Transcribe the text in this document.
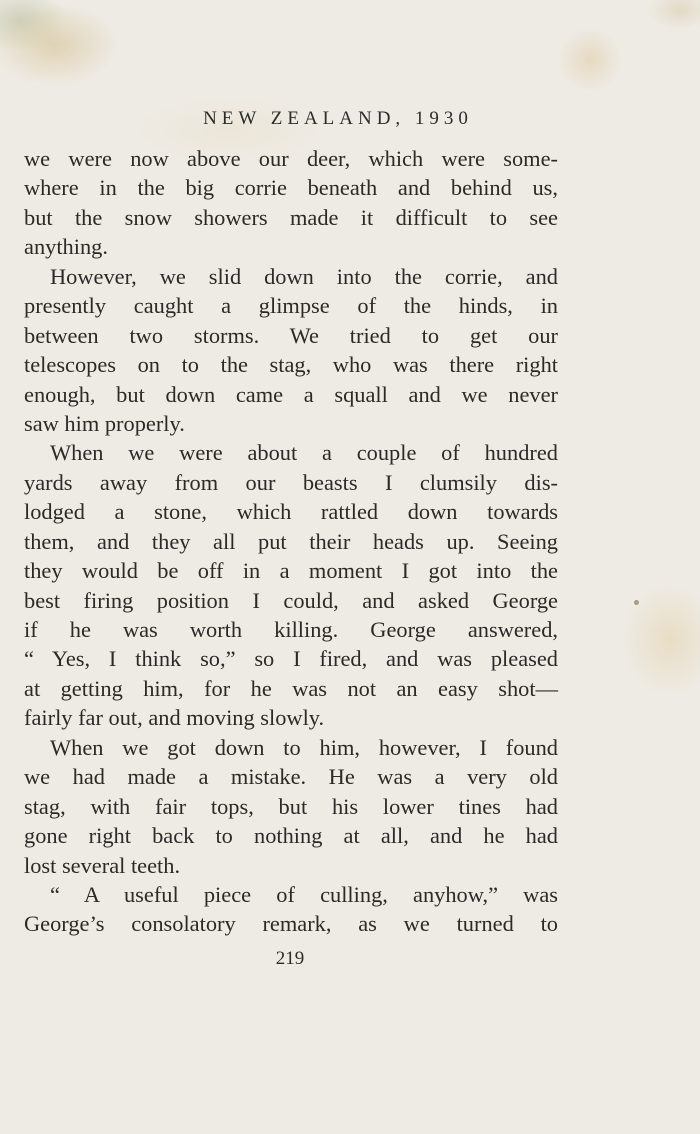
NEW ZEALAND, 1930
we were now above our deer, which were some-
where in the big corrie beneath and behind us,
but the snow showers made it difficult to see
anything.
However, we slid down into the corrie, and
presently caught a glimpse of the hinds, in
between two storms. We tried to get our
telescopes on to the stag, who was there right
enough, but down came a squall and we never
saw him properly.
When we were about a couple of hundred
yards away from our beasts I clumsily dis-
lodged a stone, which rattled down towards
them, and they all put their heads up. Seeing
they would be off in a moment I got into the
best firing position I could, and asked George
if he was worth killing. George answered,
“ Yes, I think so,” so I fired, and was pleased
at getting him, for he was not an easy shot—
fairly far out, and moving slowly.
When we got down to him, however, I found
we had made a mistake. He was a very old
stag, with fair tops, but his lower tines had
gone right back to nothing at all, and he had
lost several teeth.
“ A useful piece of culling, anyhow,” was
George’s consolatory remark, as we turned to
219
